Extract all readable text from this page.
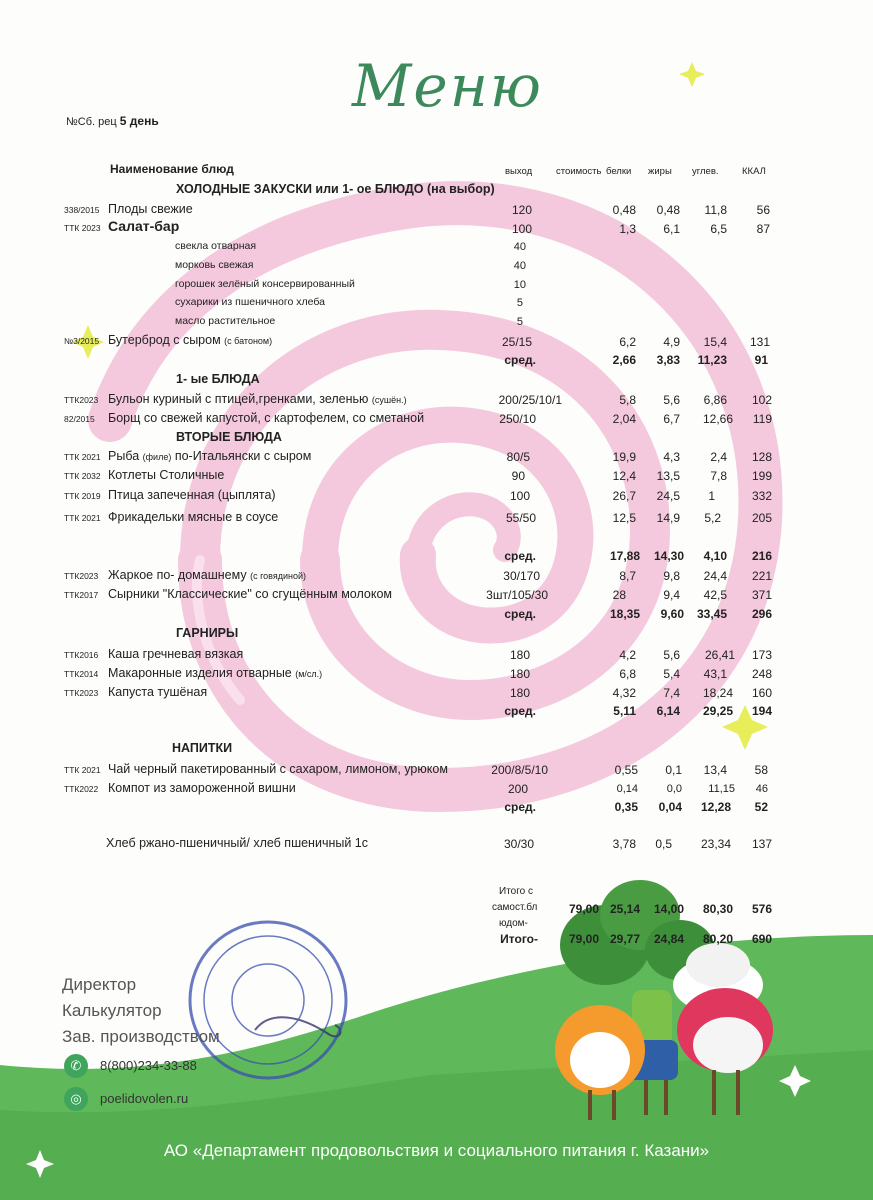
Меню
№Сб. рец 5 день
Наименование блюд	выход	стоимость белки жиры углев. ККАЛ
ХОЛОДНЫЕ ЗАКУСКИ или 1- ое БЛЮДО (на выбор)
338/2015 Плоды свежие	120	0,48	0,48	11,8	56
ТТК 2023 Салат-бар	100	1,3	6,1	6,5	87
свекла отварная	40
морковь свежая	40
горошек зелёный консервированный	10
сухарики из пшеничного хлеба	5
масло растительное	5
№3/2015 Бутерброд с сыром (с батоном)	25/15	6,2	4,9	15,4	131
сред.	2,66	3,83	11,23	91
1- ые БЛЮДА
ТТК2023 Бульон куриный с птицей,гренками, зеленью (сушён.)	200/25/10/1	5,8	5,6	6,86	102
82/2015 Борщ со свежей капустой, с картофелем, со сметаной	250/10	2,04	6,7	12,66	119
ВТОРЫЕ БЛЮДА
ТТК 2021 Рыба (филе) по-Итальянски с сыром	80/5	19,9	4,3	2,4	128
ТТК 2032 Котлеты Столичные	90	12,4	13,5	7,8	199
ТТК 2019 Птица запеченная (цыплята)	100	26,7	24,5	1	332
ТТК 2021 Фрикадельки мясные в соусе	55/50	12,5	14,9	5,2	205
сред.	17,88	14,30	4,10	216
ТТК2023 Жаркое по- домашнему (с говядиной)	30/170	8,7	9,8	24,4	221
ТТК2017 Сырники "Классические" со сгущённым молоком	3шт/105/30	28	9,4	42,5	371
сред.	18,35	9,60	33,45	296
ГАРНИРЫ
ТТК2016 Каша гречневая вязкая	180	4,2	5,6	26,41	173
ТТК2014 Макаронные изделия отварные (м/сл.)	180	6,8	5,4	43,1	248
ТТК2023 Капуста тушёная	180	4,32	7,4	18,24	160
сред.	5,11	6,14	29,25	194
НАПИТКИ
ТТК 2021 Чай черный пакетированный с сахаром, лимоном, урюком	200/8/5/10	0,55	0,1	13,4	58
ТТК2022 Компот из замороженной вишни	200	0,14	0,0	11,15	46
сред.	0,35	0,04	12,28	52
Хлеб ржано-пшеничный/ хлеб пшеничный 1с	30/30	3,78	0,5	23,34	137
Итого с
самост.бл
юдом-
79,00 25,14	14,00	80,30	576
Итого-	79,00 29,77	24,84	80,20	690
Директор
Калькулятор
Зав. производством
✆	8(800)234-33-88
◎	poelidovolen.ru
АО «Департамент продовольствия и социального питания г. Казани»
